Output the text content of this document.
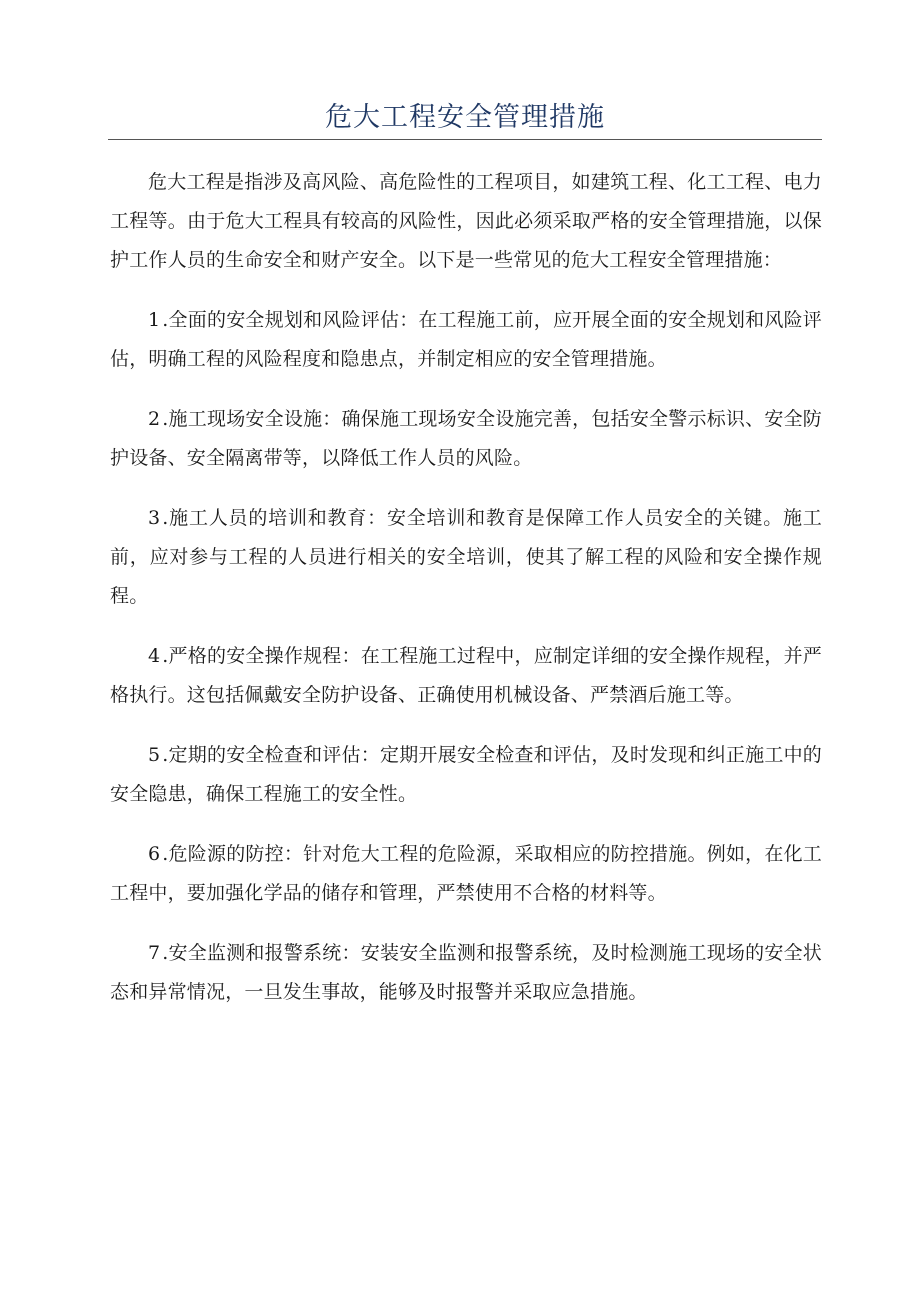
危大工程安全管理措施

危大工程是指涉及高风险、高危险性的工程项目，如建筑工程、化工工程、电力工程等。由于危大工程具有较高的风险性，因此必须采取严格的安全管理措施，以保护工作人员的生命安全和财产安全。以下是一些常见的危大工程安全管理措施：

1 .全面的安全规划和风险评估：在工程施工前，应开展全面的安全规划和风险评估，明确工程的风险程度和隐患点，并制定相应的安全管理措施。

2 .施工现场安全设施：确保施工现场安全设施完善，包括安全警示标识、安全防护设备、安全隔离带等，以降低工作人员的风险。

3 .施工人员的培训和教育：安全培训和教育是保障工作人员安全的关键。施工前，应对参与工程的人员进行相关的安全培训，使其了解工程的风险和安全操作规程。

4 .严格的安全操作规程：在工程施工过程中，应制定详细的安全操作规程，并严格执行。这包括佩戴安全防护设备、正确使用机械设备、严禁酒后施工等。

5 .定期的安全检查和评估：定期开展安全检查和评估，及时发现和纠正施工中的安全隐患，确保工程施工的安全性。

6 .危险源的防控：针对危大工程的危险源，采取相应的防控措施。例如，在化工工程中，要加强化学品的储存和管理，严禁使用不合格的材料等。

7 .安全监测和报警系统：安装安全监测和报警系统，及时检测施工现场的安全状态和异常情况，一旦发生事故，能够及时报警并采取应急措施。
